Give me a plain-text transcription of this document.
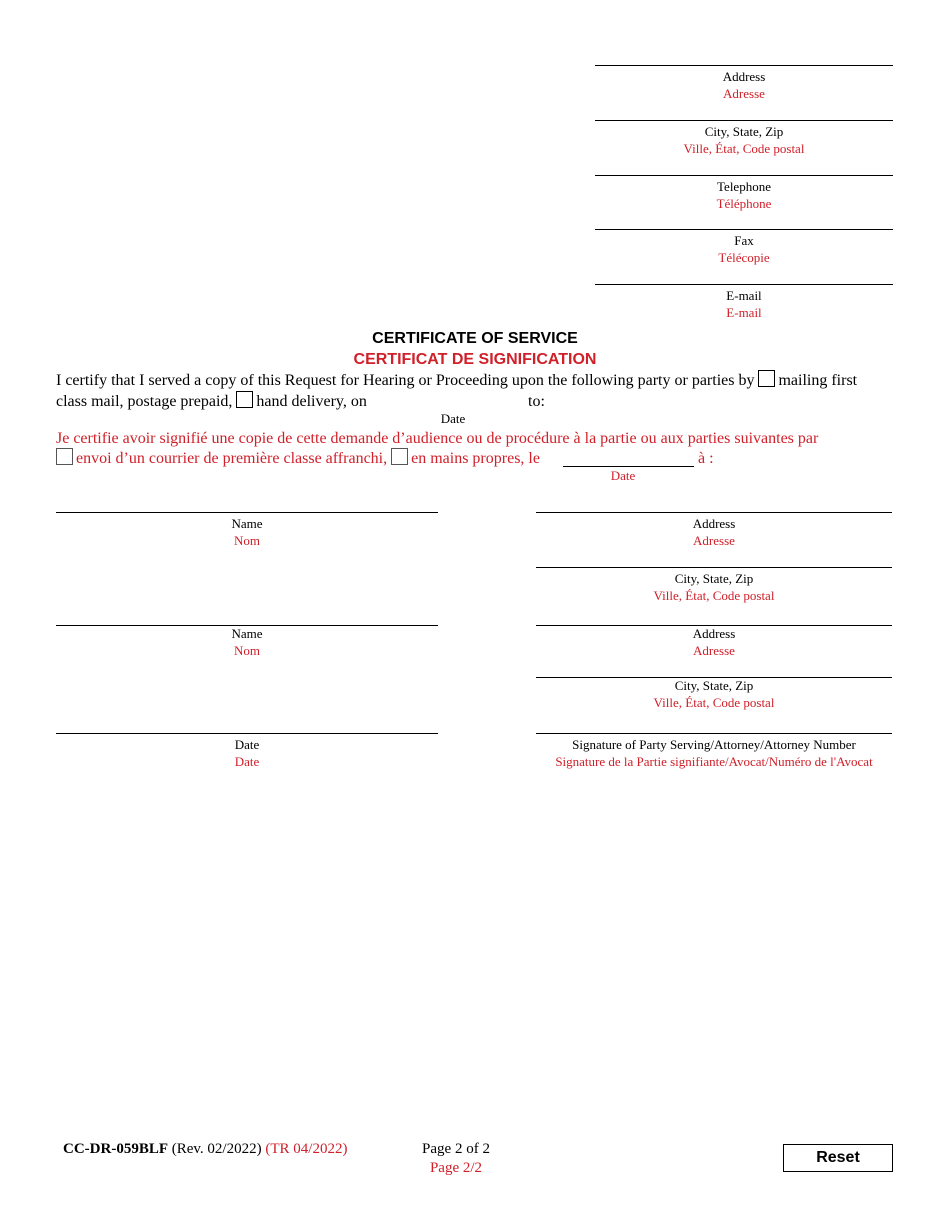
Address
Adresse
City, State, Zip
Ville, État, Code postal
Telephone
Téléphone
Fax
Télécopie
E-mail
E-mail
CERTIFICATE OF SERVICE
CERTIFICAT DE SIGNIFICATION
I certify that I served a copy of this Request for Hearing or Proceeding upon the following party or parties by mailing first
class mail, postage prepaid, hand delivery, on	to:
Date
Je certifie avoir signifié une copie de cette demande d’audience ou de procédure à la partie ou aux parties suivantes par
envoi d’un courrier de première classe affranchi, en mains propres, le	à :
Date
Name
Nom
Address
Adresse
City, State, Zip
Ville, État, Code postal
Name
Nom
Address
Adresse
City, State, Zip
Ville, État, Code postal
Date
Date
Signature of Party Serving/Attorney/Attorney Number
Signature de la Partie signifiante/Avocat/Numéro de l'Avocat
CC-DR-059BLF (Rev. 02/2022) (TR 04/2022)	Page 2 of 2
Page 2/2
Reset
